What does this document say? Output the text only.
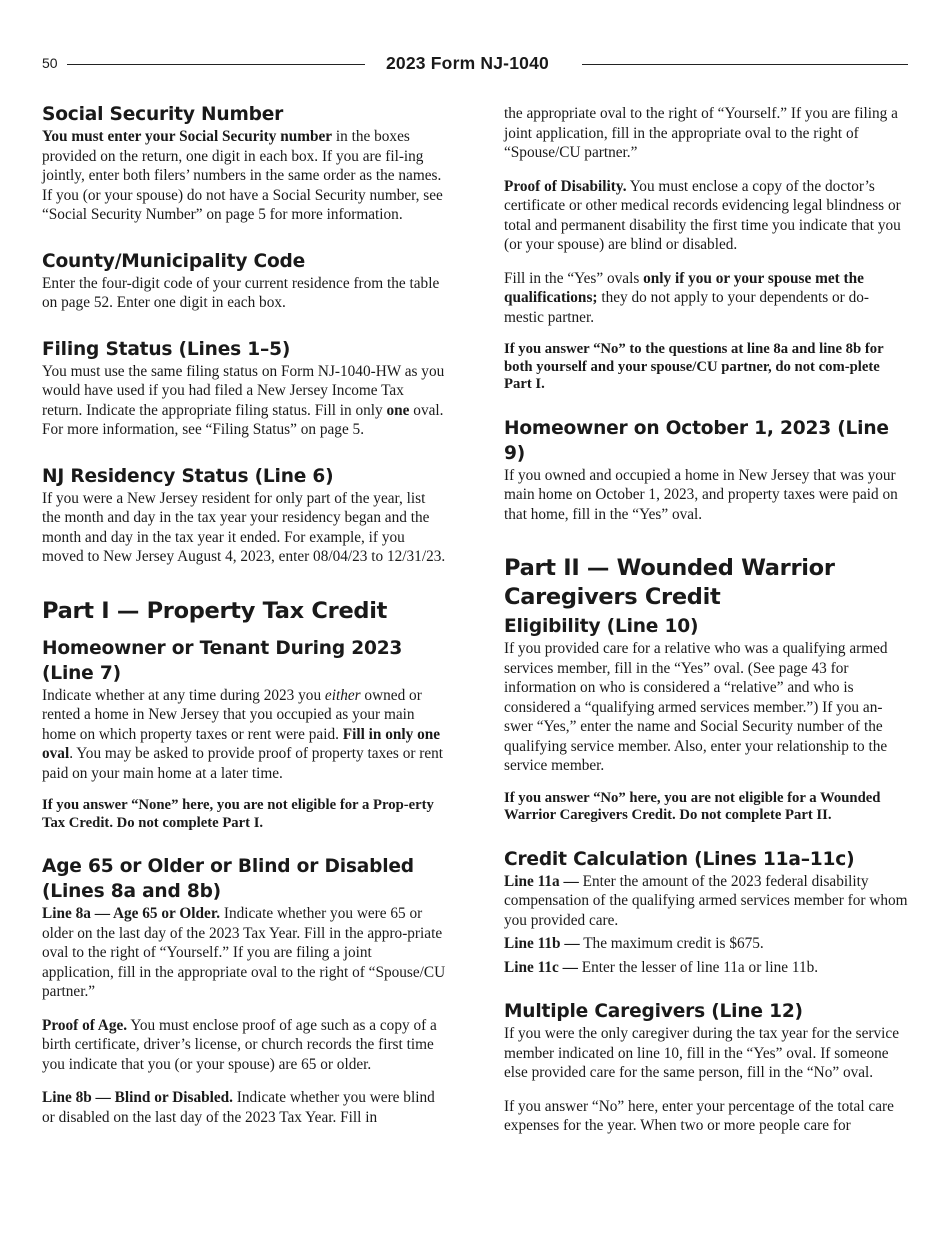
50	2023 Form NJ-1040
Social Security Number

You must enter your Social Security number in the boxes provided on the return, one digit in each box. If you are fil-ing jointly, enter both filers’ numbers in the same order as the names. If you (or your spouse) do not have a Social Security number, see “Social Security Number” on page 5 for more information.

County/Municipality Code

Enter the four-digit code of your current residence from the table on page 52. Enter one digit in each box.

Filing Status (Lines 1–5)

You must use the same filing status on Form NJ-1040-HW as you would have used if you had filed a New Jersey Income Tax return. Indicate the appropriate filing status. Fill in only one oval. For more information, see “Filing Status” on page 5.

NJ Residency Status (Line 6)

If you were a New Jersey resident for only part of the year, list the month and day in the tax year your residency began and the month and day in the tax year it ended. For example, if you moved to New Jersey August 4, 2023, enter 08/04/23 to 12/31/23.

Part I — Property Tax Credit
Homeowner or Tenant During 2023 (Line 7)

Indicate whether at any time during 2023 you either owned or rented a home in New Jersey that you occupied as your main home on which property taxes or rent were paid. Fill in only one oval. You may be asked to provide proof of property taxes or rent paid on your main home at a later time.

If you answer “None” here, you are not eligible for a Prop-erty Tax Credit. Do not complete Part I.

Age 65 or Older or Blind or Disabled (Lines 8a and 8b)

Line 8a — Age 65 or Older. Indicate whether you were 65 or older on the last day of the 2023 Tax Year. Fill in the appro-priate oval to the right of “Yourself.” If you are filing a joint application, fill in the appropriate oval to the right of “Spouse/CU partner.”

Proof of Age. You must enclose proof of age such as a copy of a birth certificate, driver’s license, or church records the first time you indicate that you (or your spouse) are 65 or older.

Line 8b — Blind or Disabled. Indicate whether you were blind or disabled on the last day of the 2023 Tax Year. Fill in

the appropriate oval to the right of “Yourself.” If you are filing a joint application, fill in the appropriate oval to the right of “Spouse/CU partner.”

Proof of Disability. You must enclose a copy of the doctor’s certificate or other medical records evidencing legal blindness or total and permanent disability the first time you indicate that you (or your spouse) are blind or disabled.

Fill in the “Yes” ovals only if you or your spouse met the qualifications; they do not apply to your dependents or do-mestic partner.

If you answer “No” to the questions at line 8a and line 8b for both yourself and your spouse/CU partner, do not com-plete Part I.

Homeowner on October 1, 2023 (Line 9)

If you owned and occupied a home in New Jersey that was your main home on October 1, 2023, and property taxes were paid on that home, fill in the “Yes” oval.

Part II — Wounded Warrior Caregivers Credit
Eligibility (Line 10)

If you provided care for a relative who was a qualifying armed services member, fill in the “Yes” oval. (See page 43 for information on who is considered a “relative” and who is considered a “qualifying armed services member.”) If you an-swer “Yes,” enter the name and Social Security number of the qualifying service member. Also, enter your relationship to the service member.

If you answer “No” here, you are not eligible for a Wounded Warrior Caregivers Credit. Do not complete Part II.

Credit Calculation (Lines 11a–11c)

Line 11a — Enter the amount of the 2023 federal disability compensation of the qualifying armed services member for whom you provided care.

Line 11b — The maximum credit is $675.

Line 11c — Enter the lesser of line 11a or line 11b.

Multiple Caregivers (Line 12)

If you were the only caregiver during the tax year for the service member indicated on line 10, fill in the “Yes” oval. If someone else provided care for the same person, fill in the “No” oval.

If you answer “No” here, enter your percentage of the total care expenses for the year. When two or more people care for
